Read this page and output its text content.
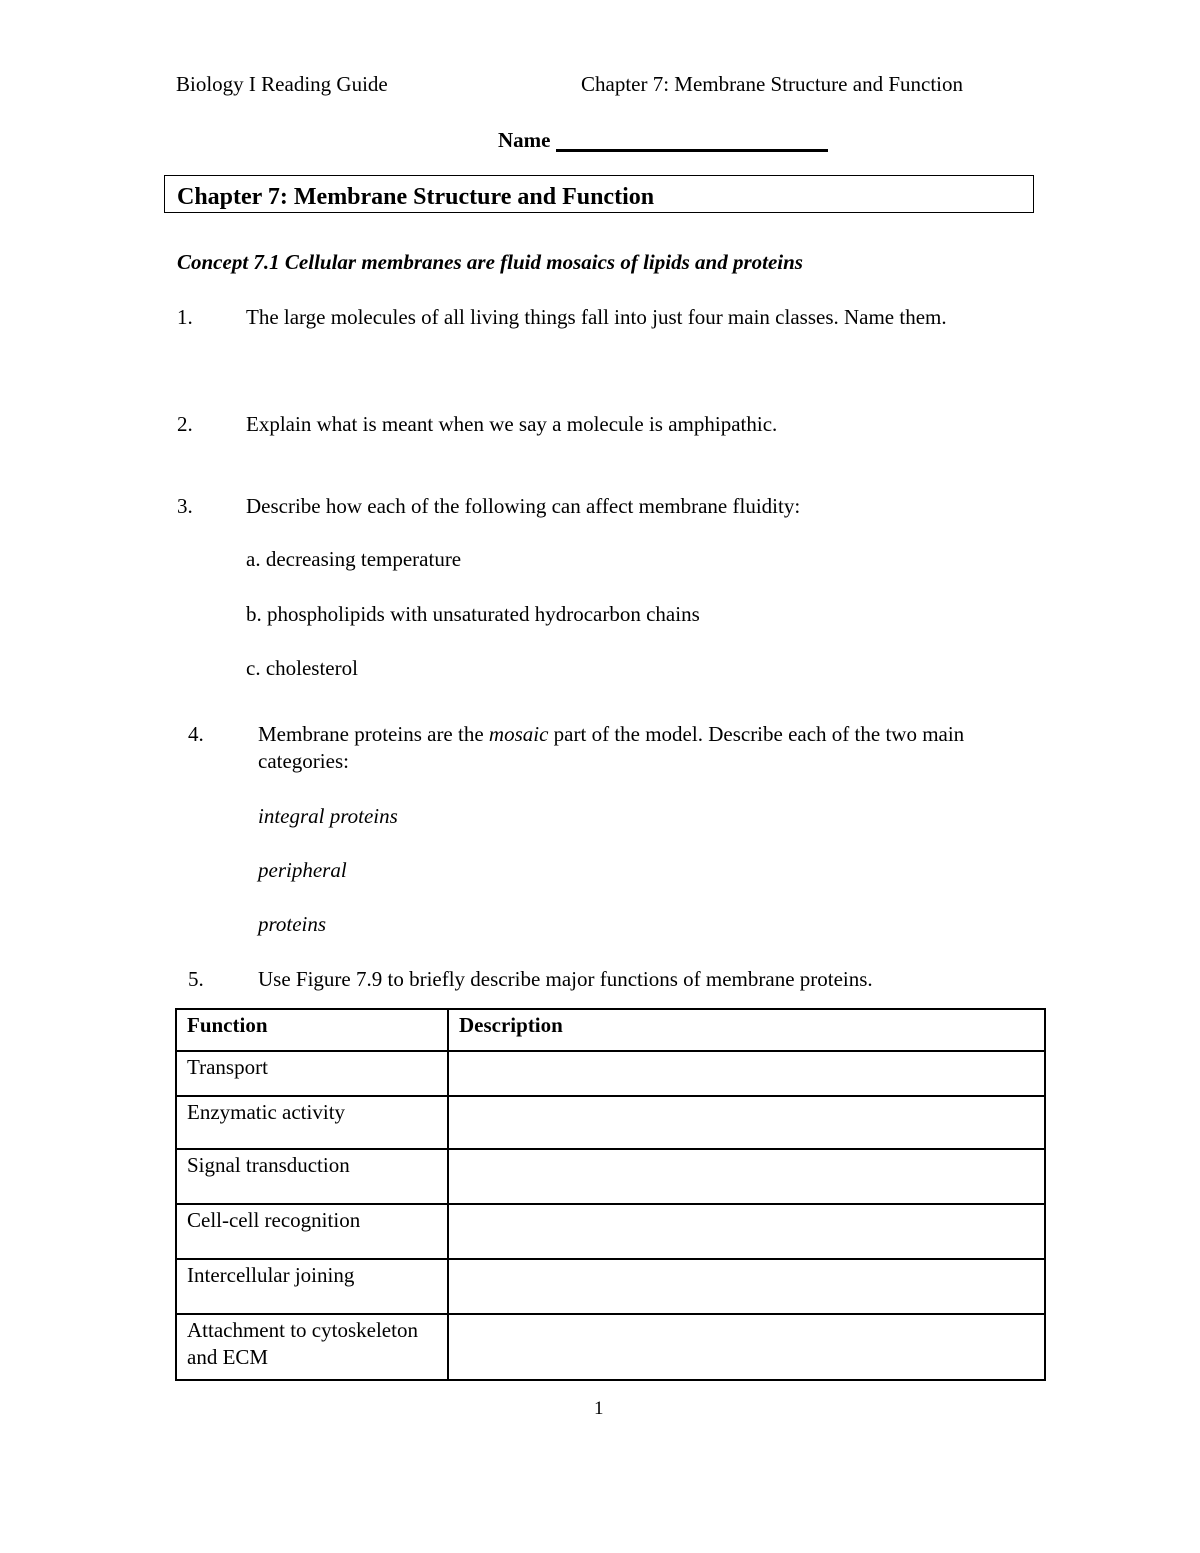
Biology I Reading Guide	Chapter 7: Membrane Structure and Function
Name
Chapter 7: Membrane Structure and Function
Concept 7.1 Cellular membranes are fluid mosaics of lipids and proteins
1.	The large molecules of all living things fall into just four main classes. Name them.
2.	Explain what is meant when we say a molecule is amphipathic.
3.	Describe how each of the following can affect membrane fluidity:
a. decreasing temperature
b. phospholipids with unsaturated hydrocarbon chains
c. cholesterol
4.	Membrane proteins are the mosaic part of the model. Describe each of the two main categories:
integral proteins
peripheral
proteins
5.	Use Figure 7.9 to briefly describe major functions of membrane proteins.
Function	Description
Transport	
Enzymatic activity	
Signal transduction	
Cell-cell recognition	
Intercellular joining	
Attachment to cytoskeleton and ECM	
1
